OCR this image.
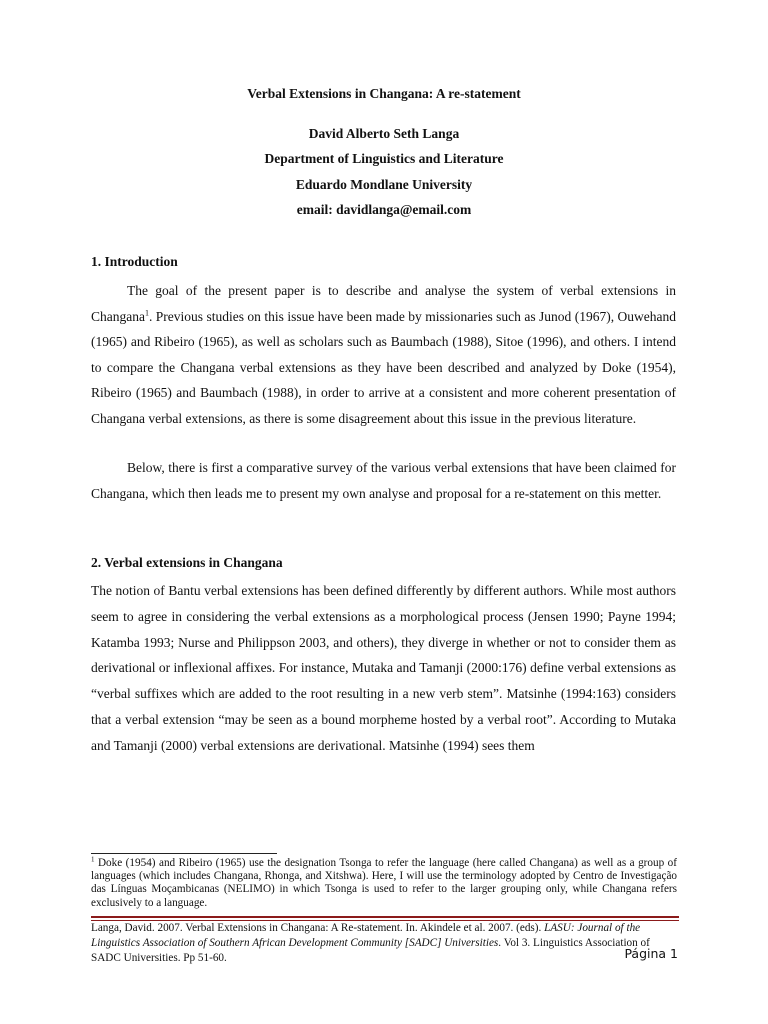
Verbal Extensions in Changana: A re-statement
David Alberto Seth Langa
Department of Linguistics and Literature
Eduardo Mondlane University
email: davidlanga@email.com
1. Introduction

The goal of the present paper is to describe and analyse the system of verbal extensions in Changana$^1$. Previous studies on this issue have been made by missionaries such as Junod (1967), Ouwehand (1965) and Ribeiro (1965), as well as scholars such as Baumbach (1988), Sitoe (1996), and others. I intend to compare the Changana verbal extensions as they have been described and analyzed by Doke (1954), Ribeiro (1965) and Baumbach (1988), in order to arrive at a consistent and more coherent presentation of Changana verbal extensions, as there is some disagreement about this issue in the previous literature.

Below, there is first a comparative survey of the various verbal extensions that have been claimed for Changana, which then leads me to present my own analyse and proposal for a re-statement on this metter.

2. Verbal extensions in Changana

The notion of Bantu verbal extensions has been defined differently by different authors. While most authors seem to agree in considering the verbal extensions as a morphological process (Jensen 1990; Payne 1994; Katamba 1993; Nurse and Philippson 2003, and others), they diverge in whether or not to consider them as derivational or inflexional affixes. For instance, Mutaka and Tamanji (2000:176) define verbal extensions as “verbal suffixes which are added to the root resulting in a new verb stem”. Matsinhe (1994:163) considers that a verbal extension “may be seen as a bound morpheme hosted by a verbal root”. According to Mutaka and Tamanji (2000) verbal extensions are derivational. Matsinhe (1994) sees them

$^1$ Doke (1954) and Ribeiro (1965) use the designation Tsonga to refer the language (here called Changana) as well as a group of languages (which includes Changana, Rhonga, and Xitshwa). Here, I will use the terminology adopted by Centro de Investigação das Línguas Moçambicanas (NELIMO) in which Tsonga is used to refer to the larger grouping only, while Changana refers exclusively to a language.
Langa, David. 2007. Verbal Extensions in Changana: A Re-statement. In. Akindele et al. 2007. (eds). LASU: Journal of the Linguistics Association of Southern African Development Community [SADC] Universities. Vol 3. Linguistics Association of SADC Universities. Pp 51-60.	Página 1
